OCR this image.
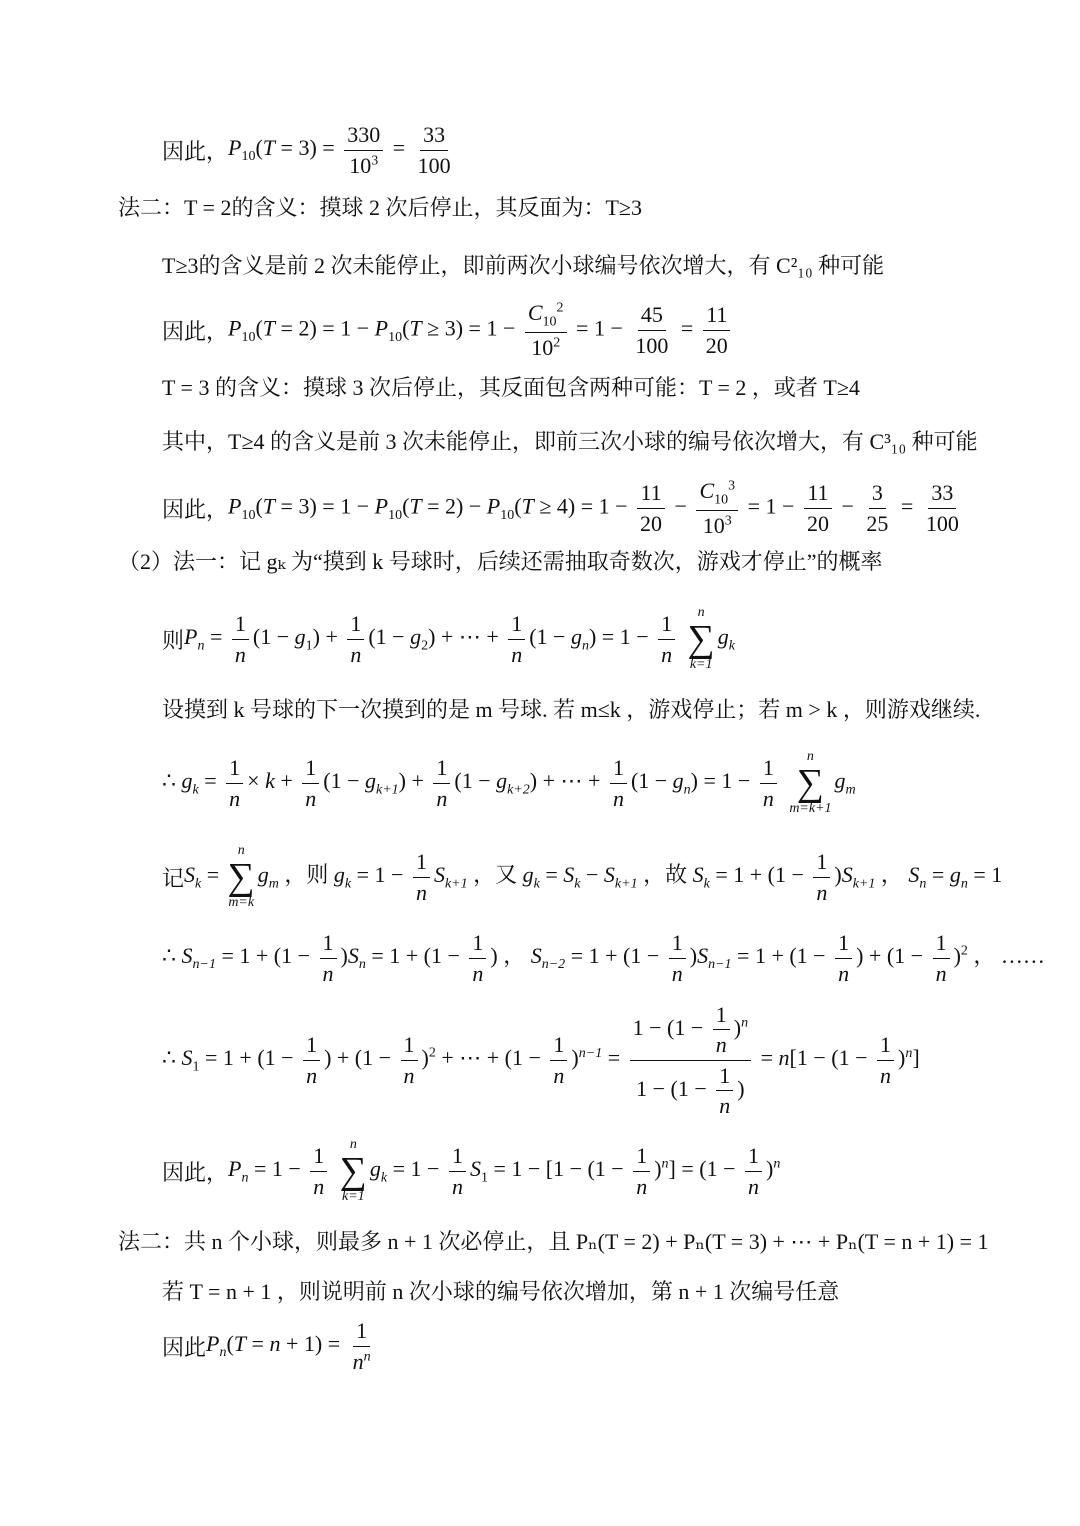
因此， $P_{10}(T = 3) = \frac{330}{10^3} = \frac{33}{100}$
法二：T = 2的含义：摸球 2 次后停止，其反面为：T≥3
T≥3的含义是前 2 次未能停止，即前两次小球编号依次增大，有 C²₁₀ 种可能
因此， $P_{10}(T = 2) = 1 - P_{10}(T \ge 3) = 1 - \frac{C_{10}^2}{10^2} = 1 - \frac{45}{100} = \frac{11}{20}$
T = 3 的含义：摸球 3 次后停止，其反面包含两种可能：T = 2 ，或者 T≥4
其中，T≥4 的含义是前 3 次未能停止，即前三次小球的编号依次增大，有 C³₁₀ 种可能
因此， $P_{10}(T = 3) = 1 - P_{10}(T = 2) - P_{10}(T \ge 4) = 1 - \frac{11}{20} - \frac{C_{10}^3}{10^3} = 1 - \frac{11}{20} - \frac{3}{25} = \frac{33}{100}$
（2）法一：记 gₖ 为“摸到 k 号球时，后续还需抽取奇数次，游戏才停止”的概率
则 $P_n = \frac{1}{n} (1 - g_1) + \frac{1}{n} (1 - g_2)$ + ⋯ + $\frac{1}{n} (1 - g_n) = 1 - \frac{1}{n}$
n
∑
k=1
$g_k$
设摸到 k 号球的下一次摸到的是 m 号球. 若 m≤k ，游戏停止；若 m > k ，则游戏继续.
∴ $g_k = \frac{1}{n} \times k + \frac{1}{n} (1 - g_{k+1}) + \frac{1}{n} (1 - g_{k+2})$ + ⋯ + $\frac{1}{n} (1 - g_n) = 1 - \frac{1}{n}$
n
∑
m=k+1
$g_m$
记 $S_k$ =
n
∑
m=k
$g_m$ ，则 $g_k = 1 - \frac{1}{n} S_{k+1}$ ，又 $g_k = S_k - S_{k+1}$ ，故 $S_k = 1 + (1 - \frac{1}{n} )S_{k+1}$ ， $S_n = g_n = 1$
∴ $S_{n-1} = 1 + (1 - \frac{1}{n} )S_n = 1 + (1 - \frac{1}{n}$ ) ， $S_{n-2} = 1 + (1 - \frac{1}{n} )S_{n-1} = 1 + (1 - \frac{1}{n}$ ) + $(1 - \frac{1}{n} )^2$ ， ……
∴ $S_1 = 1 + (1 - \frac{1}{n}$ ) + $(1 - \frac{1}{n} )^2$ + ⋯ + $(1 - \frac{1}{n} )^{n-1} = \frac{1 - (1 - \frac{1}{n} )^n}{1 - (1 - \frac{1}{n} )} = n[1 - (1 - \frac{1}{n} )^n]$
因此， $P_n = 1 - \frac{1}{n}$
n
∑
k=1
$g_k = 1 - \frac{1}{n} S_1 = 1 - [1 - (1 - \frac{1}{n} )^n] = (1 - \frac{1}{n} )^n$
法二：共 n 个小球，则最多 n + 1 次必停止，且 Pₙ(T = 2) + Pₙ(T = 3) + ⋯ + Pₙ(T = n + 1) = 1
若 T = n + 1 ，则说明前 n 次小球的编号依次增加，第 n + 1 次编号任意
因此 $P_n(T = n + 1) = \frac{1}{n^n}$
